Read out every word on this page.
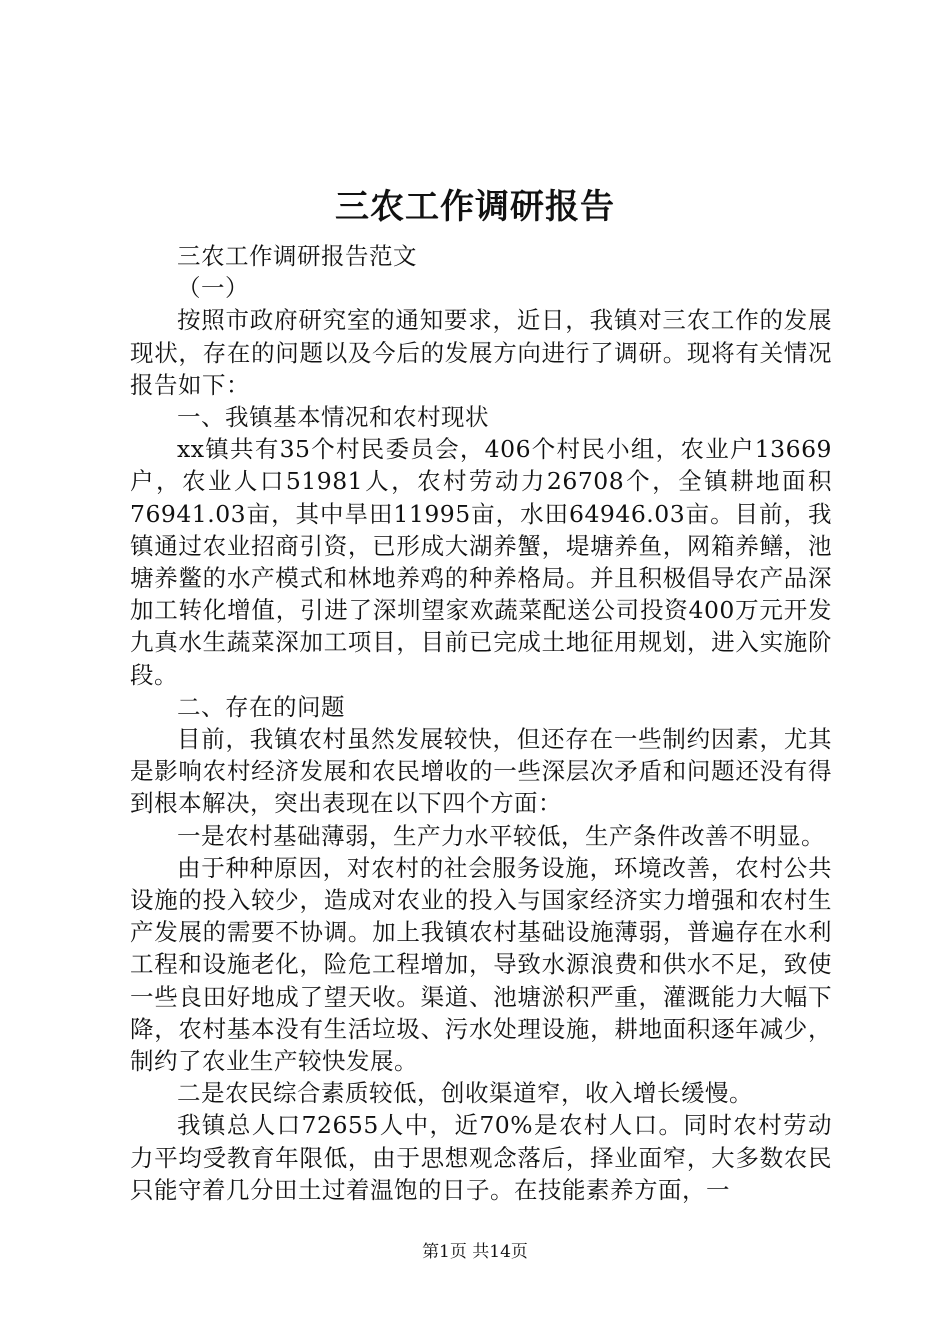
三农工作调研报告

三农工作调研报告范文

（一）

按照市政府研究室的通知要求，近日，我镇对三农工作的发展现状，存在的问题以及今后的发展方向进行了调研。现将有关情况报告如下：

一、我镇基本情况和农村现状

xx镇共有35个村民委员会，406个村民小组，农业户13669户，农业人口51981人，农村劳动力26708个，全镇耕地面积76941.03亩，其中旱田11995亩，水田64946.03亩。目前，我镇通过农业招商引资，已形成大湖养蟹，堤塘养鱼，网箱养鳝，池塘养鳖的水产模式和林地养鸡的种养格局。并且积极倡导农产品深加工转化增值，引进了深圳望家欢蔬菜配送公司投资400万元开发九真水生蔬菜深加工项目，目前已完成土地征用规划，进入实施阶段。

二、存在的问题

目前，我镇农村虽然发展较快，但还存在一些制约因素，尤其是影响农村经济发展和农民增收的一些深层次矛盾和问题还没有得到根本解决，突出表现在以下四个方面：

一是农村基础薄弱，生产力水平较低，生产条件改善不明显。

由于种种原因，对农村的社会服务设施，环境改善，农村公共设施的投入较少，造成对农业的投入与国家经济实力增强和农村生产发展的需要不协调。加上我镇农村基础设施薄弱，普遍存在水利工程和设施老化，险危工程增加，导致水源浪费和供水不足，致使一些良田好地成了望天收。渠道、池塘淤积严重，灌溉能力大幅下降，农村基本没有生活垃圾、污水处理设施，耕地面积逐年减少，制约了农业生产较快发展。

二是农民综合素质较低，创收渠道窄，收入增长缓慢。

我镇总人口72655人中，近70%是农村人口。同时农村劳动力平均受教育年限低，由于思想观念落后，择业面窄，大多数农民只能守着几分田土过着温饱的日子。在技能素养方面，一

第1页 共14页
